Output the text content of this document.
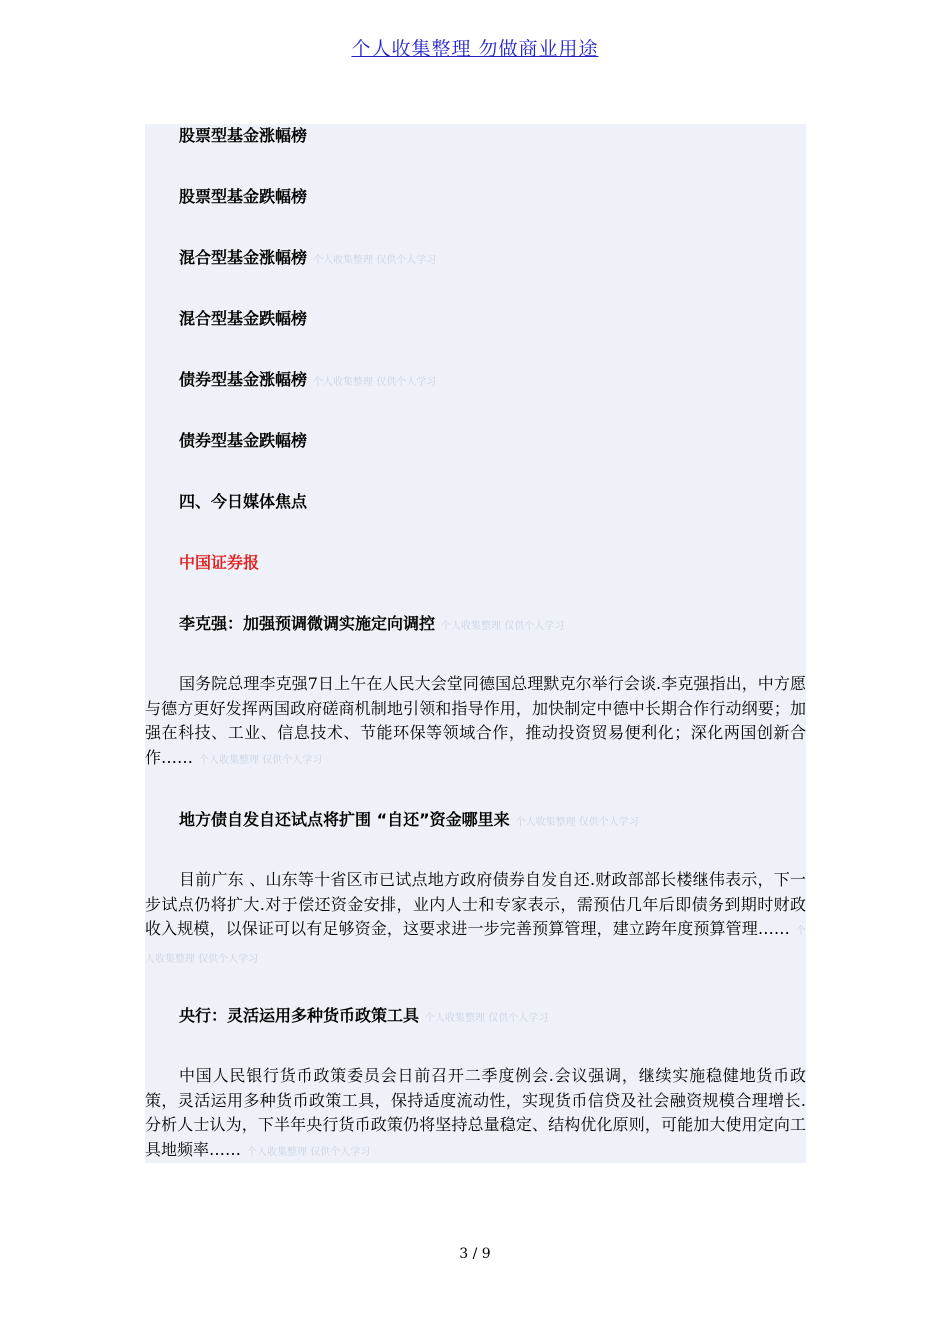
个人收集整理 勿做商业用途
股票型基金涨幅榜
股票型基金跌幅榜
混合型基金涨幅榜 个人收集整理 仅供个人学习
混合型基金跌幅榜
债券型基金涨幅榜 个人收集整理 仅供个人学习
债券型基金跌幅榜
四、今日媒体焦点
中国证券报
李克强：加强预调微调实施定向调控 个人收集整理 仅供个人学习
国务院总理李克强7日上午在人民大会堂同德国总理默克尔举行会谈.李克强指出，中方愿与德方更好发挥两国政府磋商机制地引领和指导作用，加快制定中德中长期合作行动纲要；加强在科技、工业、信息技术、节能环保等领域合作，推动投资贸易便利化；深化两国创新合作…… 个人收集整理 仅供个人学习
地方债自发自还试点将扩围 “自还”资金哪里来 个人收集整理 仅供个人学习
目前广东 、山东等十省区市已试点地方政府债券自发自还.财政部部长楼继伟表示，下一步试点仍将扩大.对于偿还资金安排，业内人士和专家表示，需预估几年后即债务到期时财政收入规模，以保证可以有足够资金，这要求进一步完善预算管理，建立跨年度预算管理…… 个人收集整理 仅供个人学习
央行：灵活运用多种货币政策工具 个人收集整理 仅供个人学习
中国人民银行货币政策委员会日前召开二季度例会.会议强调，继续实施稳健地货币政策，灵活运用多种货币政策工具，保持适度流动性，实现货币信贷及社会融资规模合理增长.分析人士认为，下半年央行货币政策仍将坚持总量稳定、结构优化原则，可能加大使用定向工具地频率…… 个人收集整理 仅供个人学习
3 / 9
